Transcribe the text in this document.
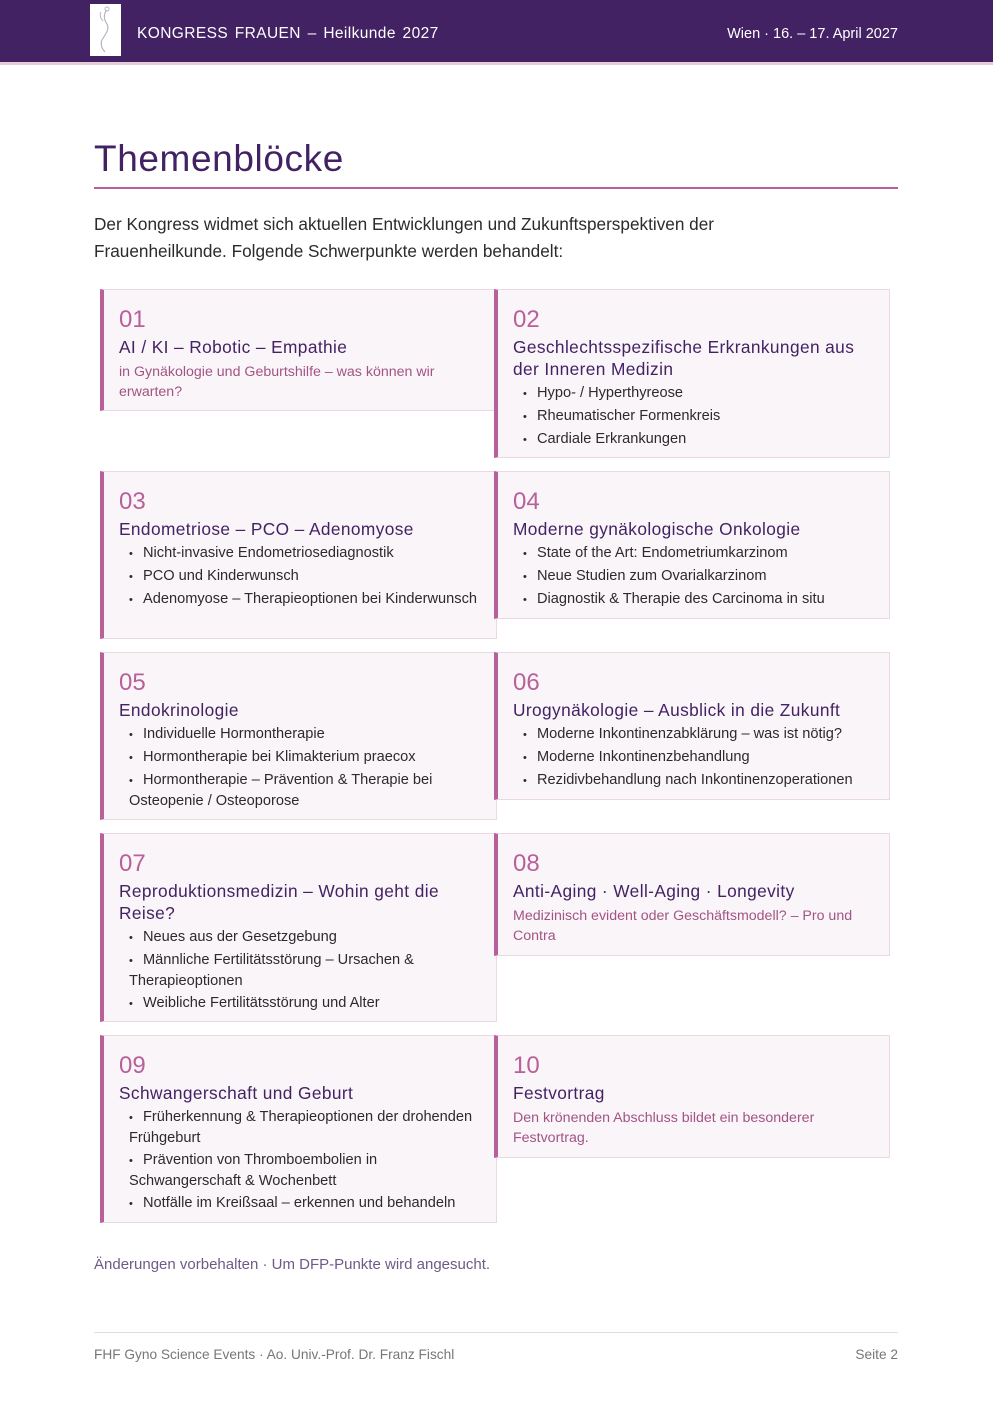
KONGRESS FRAUEN – Heilkunde 2027	Wien · 16. – 17. April 2027
Themenblöcke

Der Kongress widmet sich aktuellen Entwicklungen und Zukunftsperspektiven der Frauenheilkunde. Folgende Schwerpunkte werden behandelt:

01
AI / KI – Robotic – Empathie
in Gynäkologie und Geburtshilfe – was können wir erwarten?
02
Geschlechtsspezifische Erkrankungen aus der Inneren Medizin
• Hypo- / Hyperthyreose
• Rheumatischer Formenkreis
• Cardiale Erkrankungen
03
Endometriose – PCO – Adenomyose
• Nicht-invasive Endometriosediagnostik
• PCO und Kinderwunsch
• Adenomyose – Therapieoptionen bei Kinderwunsch
04
Moderne gynäkologische Onkologie
• State of the Art: Endometriumkarzinom
• Neue Studien zum Ovarialkarzinom
• Diagnostik & Therapie des Carcinoma in situ
05
Endokrinologie
• Individuelle Hormontherapie
• Hormontherapie bei Klimakterium praecox
• Hormontherapie – Prävention & Therapie bei Osteopenie / Osteoporose
06
Urogynäkologie – Ausblick in die Zukunft
• Moderne Inkontinenzabklärung – was ist nötig?
• Moderne Inkontinenzbehandlung
• Rezidivbehandlung nach Inkontinenzoperationen
07
Reproduktionsmedizin – Wohin geht die Reise?
• Neues aus der Gesetzgebung
• Männliche Fertilitätsstörung – Ursachen & Therapieoptionen
• Weibliche Fertilitätsstörung und Alter
08
Anti-Aging · Well-Aging · Longevity
Medizinisch evident oder Geschäftsmodell? – Pro und Contra
09
Schwangerschaft und Geburt
• Früherkennung & Therapieoptionen der drohenden Frühgeburt
• Prävention von Thromboembolien in Schwangerschaft & Wochenbett
• Notfälle im Kreißsaal – erkennen und behandeln
10
Festvortrag
Den krönenden Abschluss bildet ein besonderer Festvortrag.
Änderungen vorbehalten · Um DFP-Punkte wird angesucht.
FHF Gyno Science Events · Ao. Univ.-Prof. Dr. Franz Fischl	Seite 2
